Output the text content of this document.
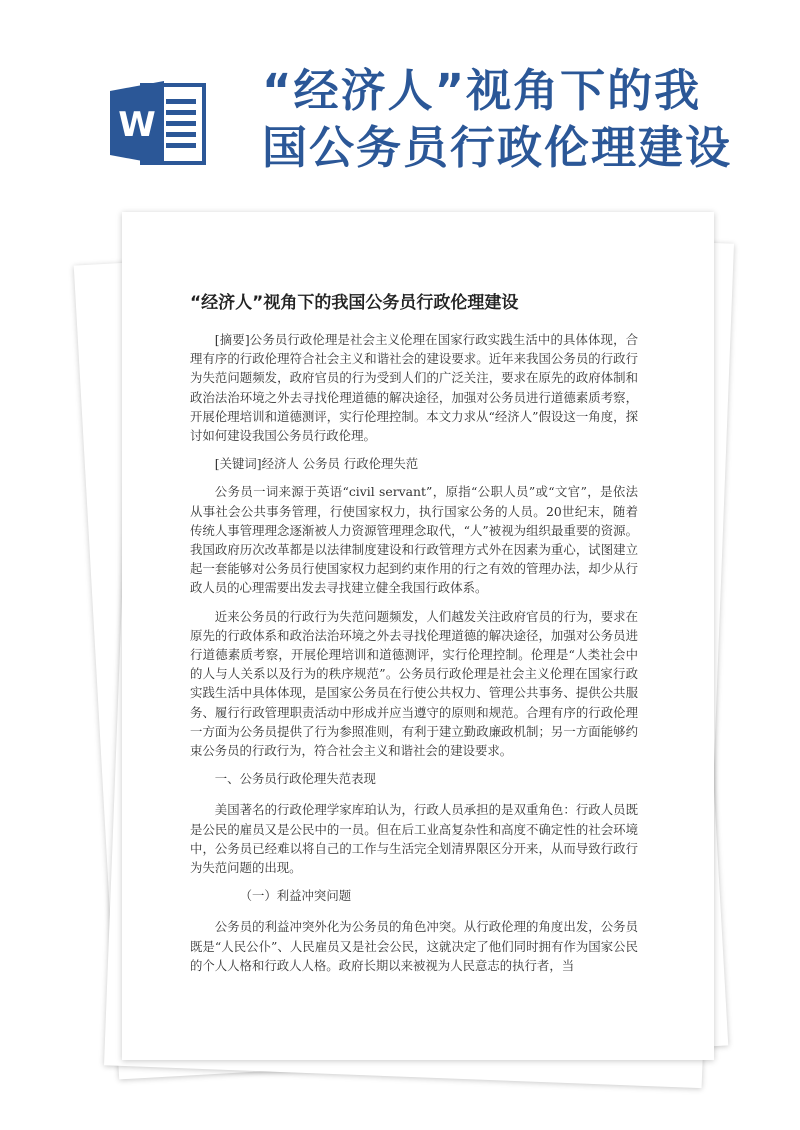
W
“经济人”视角下的我
国公务员行政伦理建设
“经济人”视角下的我国公务员行政伦理建设

[摘要]公务员行政伦理是社会主义伦理在国家行政实践生活中的具体体现，合理有序的行政伦理符合社会主义和谐社会的建设要求。近年来我国公务员的行政行为失范问题频发，政府官员的行为受到人们的广泛关注，要求在原先的政府体制和政治法治环境之外去寻找伦理道德的解决途径，加强对公务员进行道德素质考察，开展伦理培训和道德测评，实行伦理控制。本文力求从“经济人”假设这一角度，探讨如何建设我国公务员行政伦理。

[关键词]经济人 公务员 行政伦理失范

公务员一词来源于英语“civil servant”，原指“公职人员”或“文官”，是依法从事社会公共事务管理，行使国家权力，执行国家公务的人员。20世纪末，随着传统人事管理理念逐渐被人力资源管理理念取代，“人”被视为组织最重要的资源。我国政府历次改革都是以法律制度建设和行政管理方式外在因素为重心，试图建立起一套能够对公务员行使国家权力起到约束作用的行之有效的管理办法，却少从行政人员的心理需要出发去寻找建立健全我国行政体系。

近来公务员的行政行为失范问题频发，人们越发关注政府官员的行为，要求在原先的行政体系和政治法治环境之外去寻找伦理道德的解决途径，加强对公务员进行道德素质考察，开展伦理培训和道德测评，实行伦理控制。伦理是“人类社会中的人与人关系以及行为的秩序规范”。公务员行政伦理是社会主义伦理在国家行政实践生活中具体体现，是国家公务员在行使公共权力、管理公共事务、提供公共服务、履行行政管理职责活动中形成并应当遵守的原则和规范。合理有序的行政伦理一方面为公务员提供了行为参照准则，有利于建立勤政廉政机制；另一方面能够约束公务员的行政行为，符合社会主义和谐社会的建设要求。

一、公务员行政伦理失范表现

美国著名的行政伦理学家库珀认为，行政人员承担的是双重角色：行政人员既是公民的雇员又是公民中的一员。但在后工业高复杂性和高度不确定性的社会环境中，公务员已经难以将自己的工作与生活完全划清界限区分开来，从而导致行政行为失范问题的出现。

（一）利益冲突问题

公务员的利益冲突外化为公务员的角色冲突。从行政伦理的角度出发，公务员既是“人民公仆”、人民雇员又是社会公民，这就决定了他们同时拥有作为国家公民的个人人格和行政人人格。政府长期以来被视为人民意志的执行者，当
